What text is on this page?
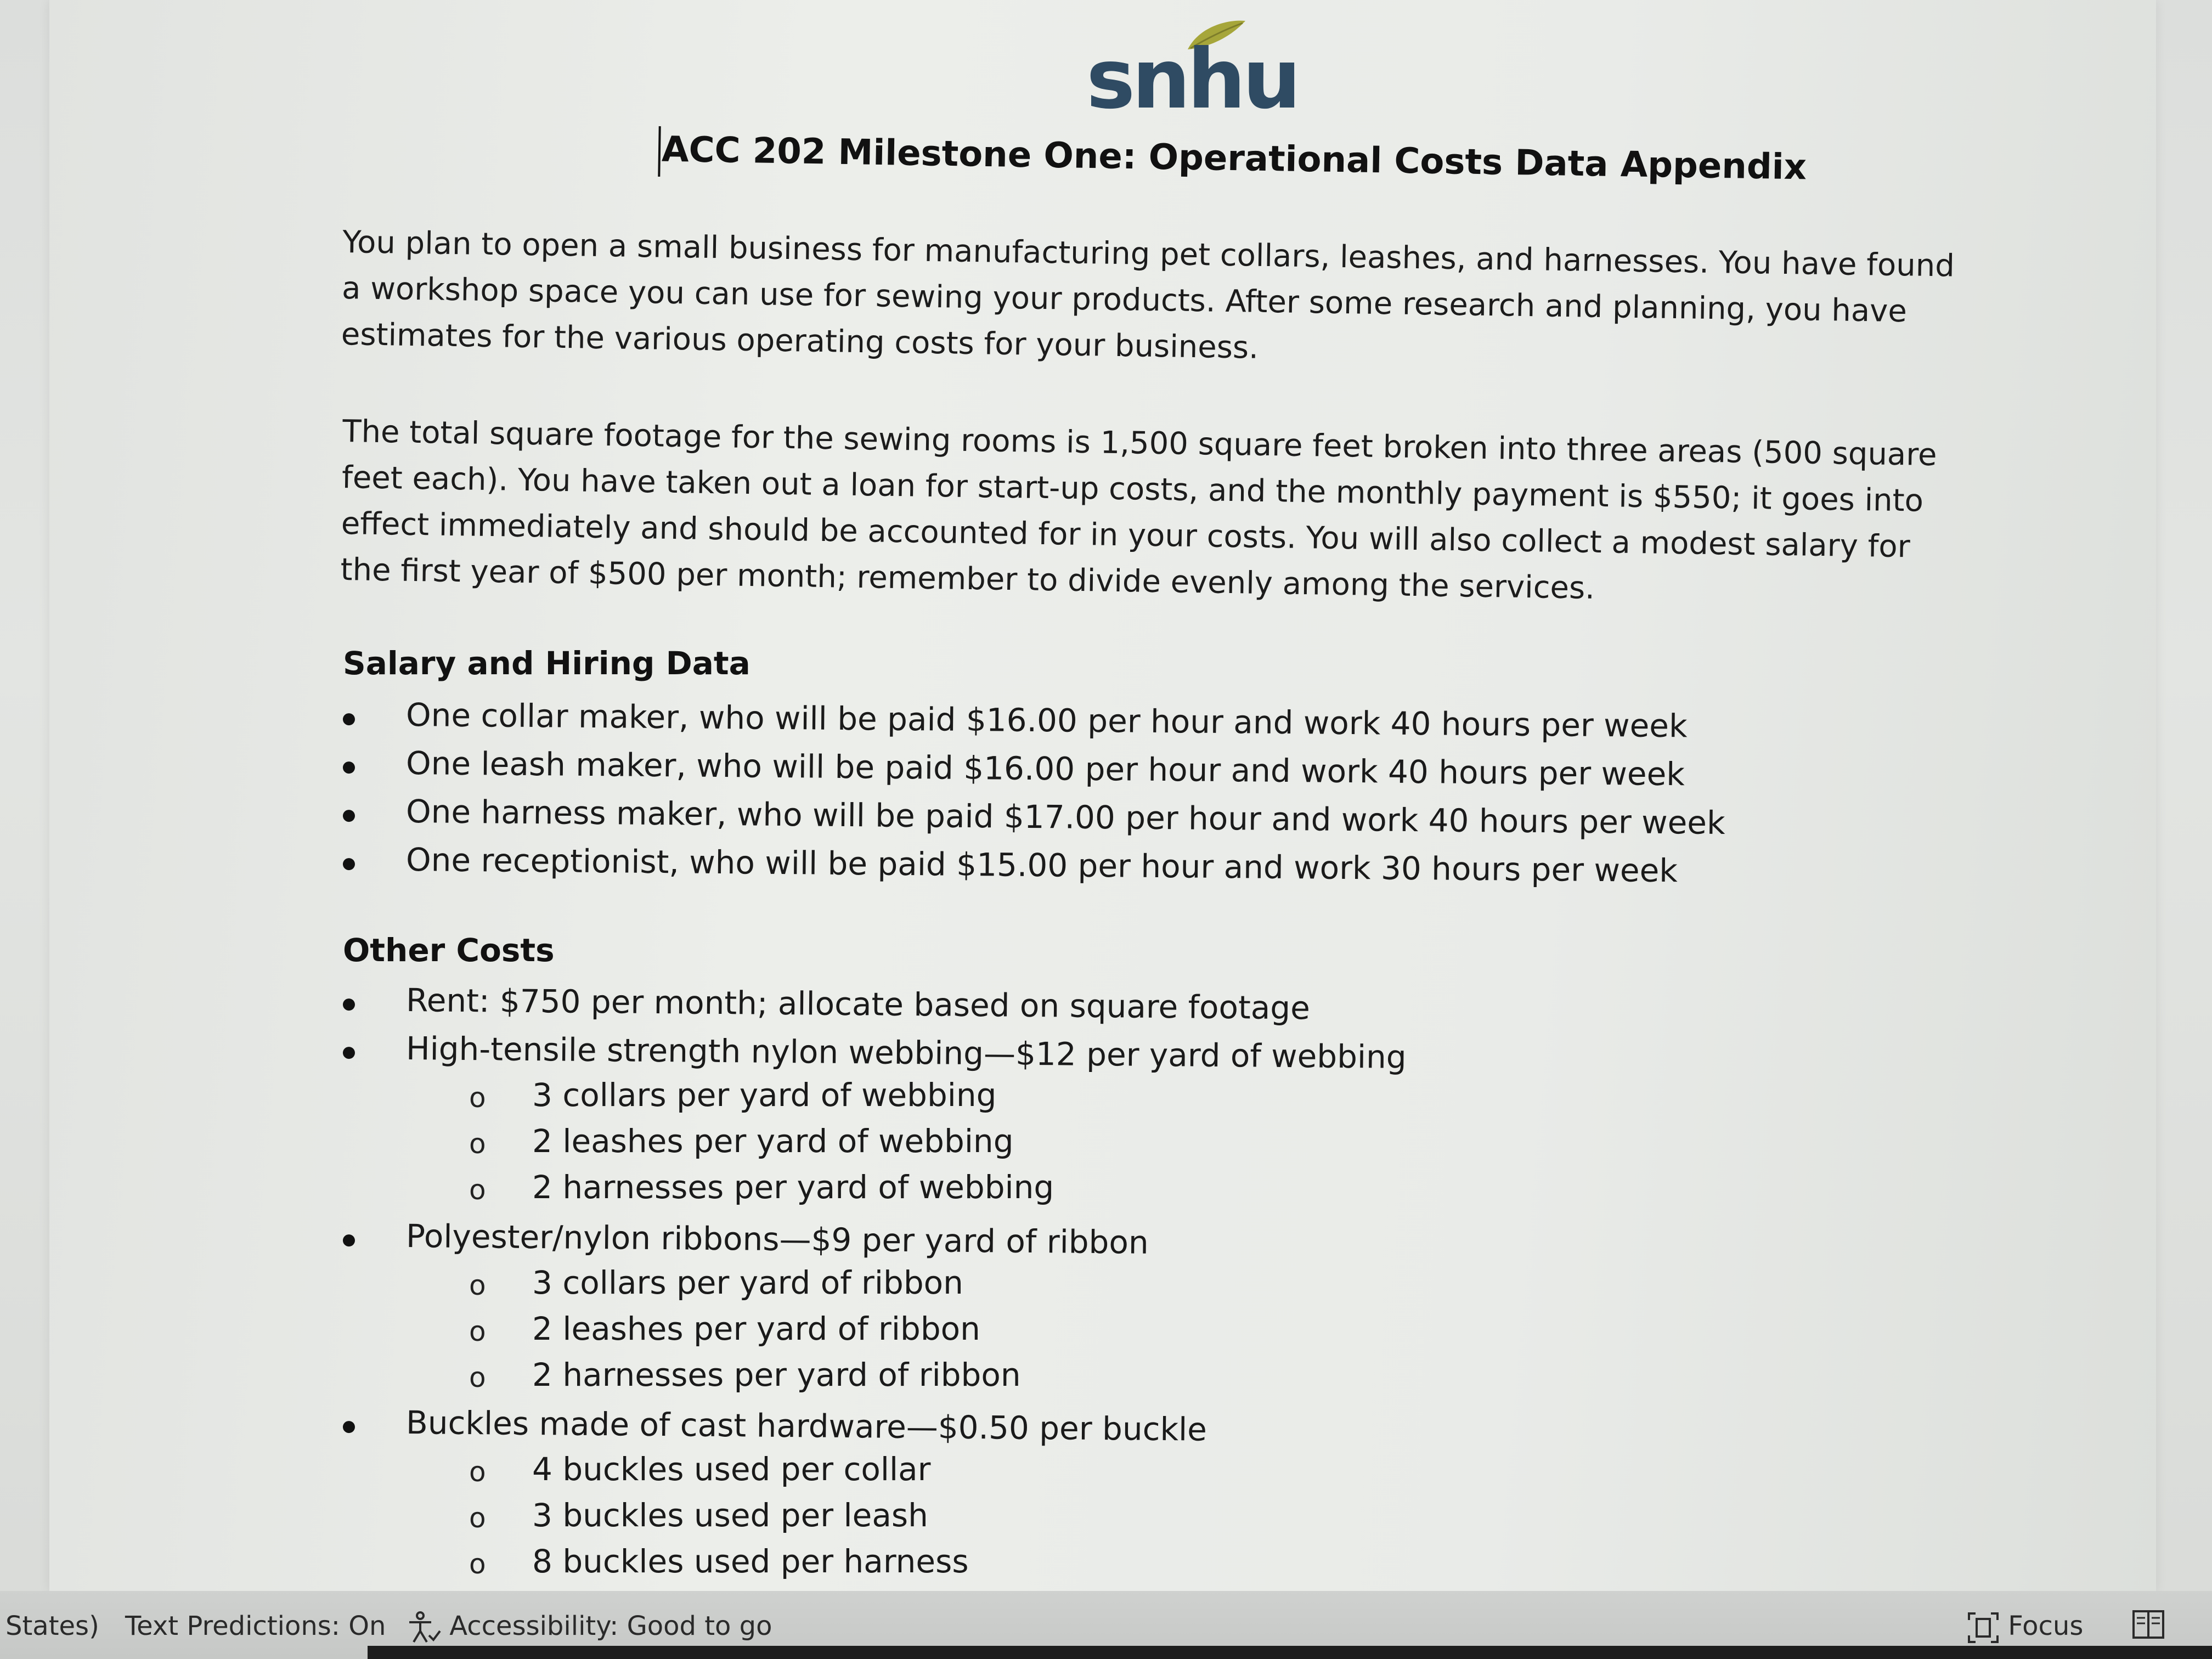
snhu
ACC 202 Milestone One: Operational Costs Data Appendix
You plan to open a small business for manufacturing pet collars, leashes, and harnesses. You have found
a workshop space you can use for sewing your products. After some research and planning, you have
estimates for the various operating costs for your business.
The total square footage for the sewing rooms is 1,500 square feet broken into three areas (500 square
feet each). You have taken out a loan for start-up costs, and the monthly payment is $550; it goes into
effect immediately and should be accounted for in your costs. You will also collect a modest salary for
the first year of $500 per month; remember to divide evenly among the services.
Salary and Hiring Data
One collar maker, who will be paid $16.00 per hour and work 40 hours per week
One leash maker, who will be paid $16.00 per hour and work 40 hours per week
One harness maker, who will be paid $17.00 per hour and work 40 hours per week
One receptionist, who will be paid $15.00 per hour and work 30 hours per week
Other Costs
Rent: $750 per month; allocate based on square footage
High-tensile strength nylon webbing—$12 per yard of webbing
o 3 collars per yard of webbing
o 2 leashes per yard of webbing
o 2 harnesses per yard of webbing
Polyester/nylon ribbons—$9 per yard of ribbon
o 3 collars per yard of ribbon
o 2 leashes per yard of ribbon
o 2 harnesses per yard of ribbon
Buckles made of cast hardware—$0.50 per buckle
o 4 buckles used per collar
o 3 buckles used per leash
o 8 buckles used per harness
States) Text Predictions: On	Accessibility: Good to go	Focus
